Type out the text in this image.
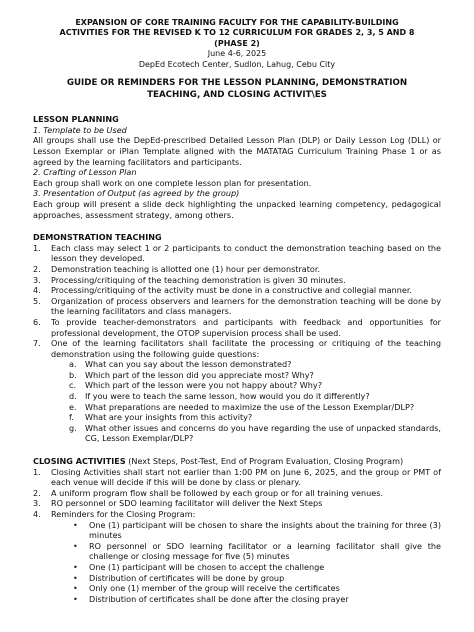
EXPANSION OF CORE TRAINING FACULTY FOR THE CAPABILITY-BUILDING

ACTIVITIES FOR THE REVISED K TO 12 CURRICULUM FOR GRADES 2, 3, 5 AND 8

(PHASE 2)

June 4-6, 2025

DepEd Ecotech Center, Sudlon, Lahug, Cebu City

GUIDE OR REMINDERS FOR THE LESSON PLANNING, DEMONSTRATION

TEACHING, AND CLOSING ACTIVIT\ES

LESSON PLANNING

1. Template to be Used

All groups shall use the DepEd-prescribed Detailed Lesson Plan (DLP) or Daily Lesson Log (DLL) or Lesson Exemplar or iPlan Template aligned with the MATATAG Curriculum Training Phase 1 or as agreed by the learning facilitators and participants.

2. Crafting of Lesson Plan

Each group shall work on one complete lesson plan for presentation.

3. Presentation of Output (as agreed by the group)

Each group will present a slide deck highlighting the unpacked learning competency, pedagogical approaches, assessment strategy, among others.

DEMONSTRATION TEACHING

1. Each class may select 1 or 2 participants to conduct the demonstration teaching based on the lesson they developed.
2. Demonstration teaching is allotted one (1) hour per demonstrator.
3. Processing/critiquing of the teaching demonstration is given 30 minutes.
4. Processing/critiquing of the activity must be done in a constructive and collegial manner.
5. Organization of process observers and learners for the demonstration teaching will be done by the learning facilitators and class managers.
6. To provide teacher-demonstrators and participants with feedback and opportunities for professional development, the OTOP supervision process shall be used.
7. One of the learning facilitators shall facilitate the processing or critiquing of the teaching demonstration using the following guide questions:
a. What can you say about the lesson demonstrated?
b. Which part of the lesson did you appreciate most? Why?
c. Which part of the lesson were you not happy about? Why?
d. If you were to teach the same lesson, how would you do it differently?
e. What preparations are needed to maximize the use of the Lesson Exemplar/DLP?
f. What are your insights from this activity?
g. What other issues and concerns do you have regarding the use of unpacked standards, CG, Lesson Exemplar/DLP?

CLOSING ACTIVITIES (Next Steps, Post-Test, End of Program Evaluation, Closing Program)

1. Closing Activities shall start not earlier than 1:00 PM on June 6, 2025, and the group or PMT of each venue will decide if this will be done by class or plenary.
2. A uniform program flow shall be followed by each group or for all training venues.
3. RO personnel or SDO learning facilitator will deliver the Next Steps
4. Reminders for the Closing Program:
• One (1) participant will be chosen to share the insights about the training for three (3) minutes
• RO personnel or SDO learning facilitator or a learning facilitator shall give the challenge or closing message for five (5) minutes
• One (1) participant will be chosen to accept the challenge
• Distribution of certificates will be done by group
• Only one (1) member of the group will receive the certificates
• Distribution of certificates shall be done after the closing prayer
